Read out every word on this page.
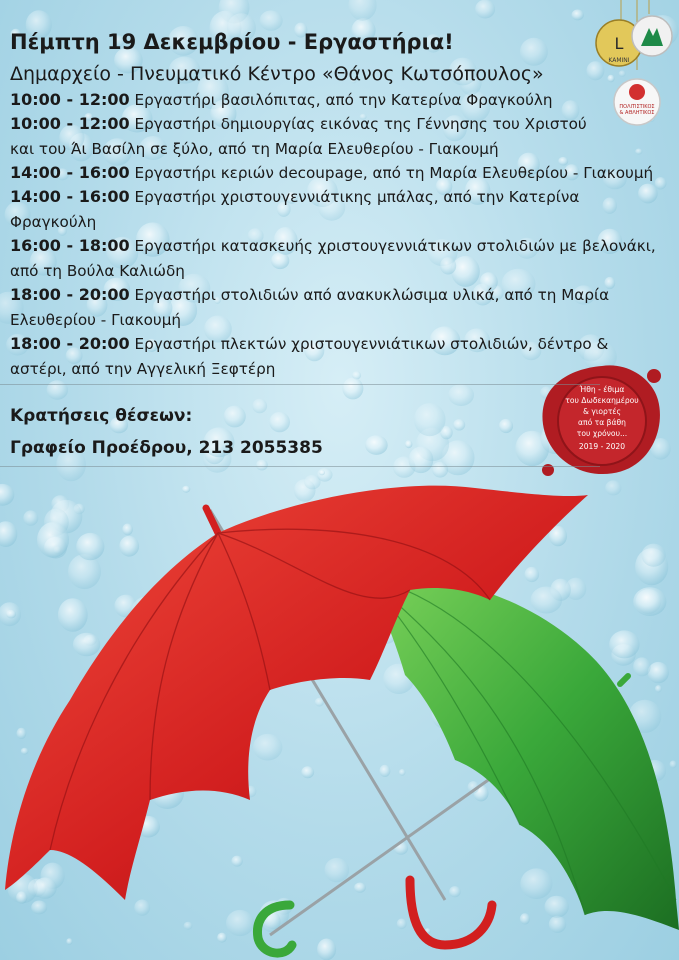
L
KAMINI
ΠΟΛΙΤΙΣΤΙΚΟΣ
& ΑΘΛΗΤΙΚΟΣ
Ήθη - έθιμα
του Δωδεκαημέρου
& γιορτές
από τα βάθη
του χρόνου...
2019 - 2020
Πέμπτη 19 Δεκεμβρίου - Εργαστήρια!
Δημαρχείο - Πνευματικό Κέντρο «Θάνος Κωτσόπουλος»
10:00 - 12:00 Εργαστήρι βασιλόπιτας, από την Κατερίνα Φραγκούλη
10:00 - 12:00 Εργαστήρι δημιουργίας εικόνας της Γέννησης του Χριστού και του Άι Βασίλη σε ξύλο, από τη Μαρία Ελευθερίου - Γιακουμή
14:00 - 16:00 Εργαστήρι κεριών decoupage, από τη Μαρία Ελευθερίου - Γιακουμή
14:00 - 16:00 Εργαστήρι χριστουγεννιάτικης μπάλας, από την Κατερίνα Φραγκούλη
16:00 - 18:00 Εργαστήρι κατασκευής χριστουγεννιάτικων στολιδιών με βελονάκι, από τη Βούλα Καλιώδη
18:00 - 20:00 Εργαστήρι στολιδιών από ανακυκλώσιμα υλικά, από τη Μαρία Ελευθερίου - Γιακουμή
18:00 - 20:00 Εργαστήρι πλεκτών χριστουγεννιάτικων στολιδιών, δέντρο & αστέρι, από την Αγγελική Ξεφτέρη
Κρατήσεις θέσεων:
Γραφείο Προέδρου, 213 2055385
